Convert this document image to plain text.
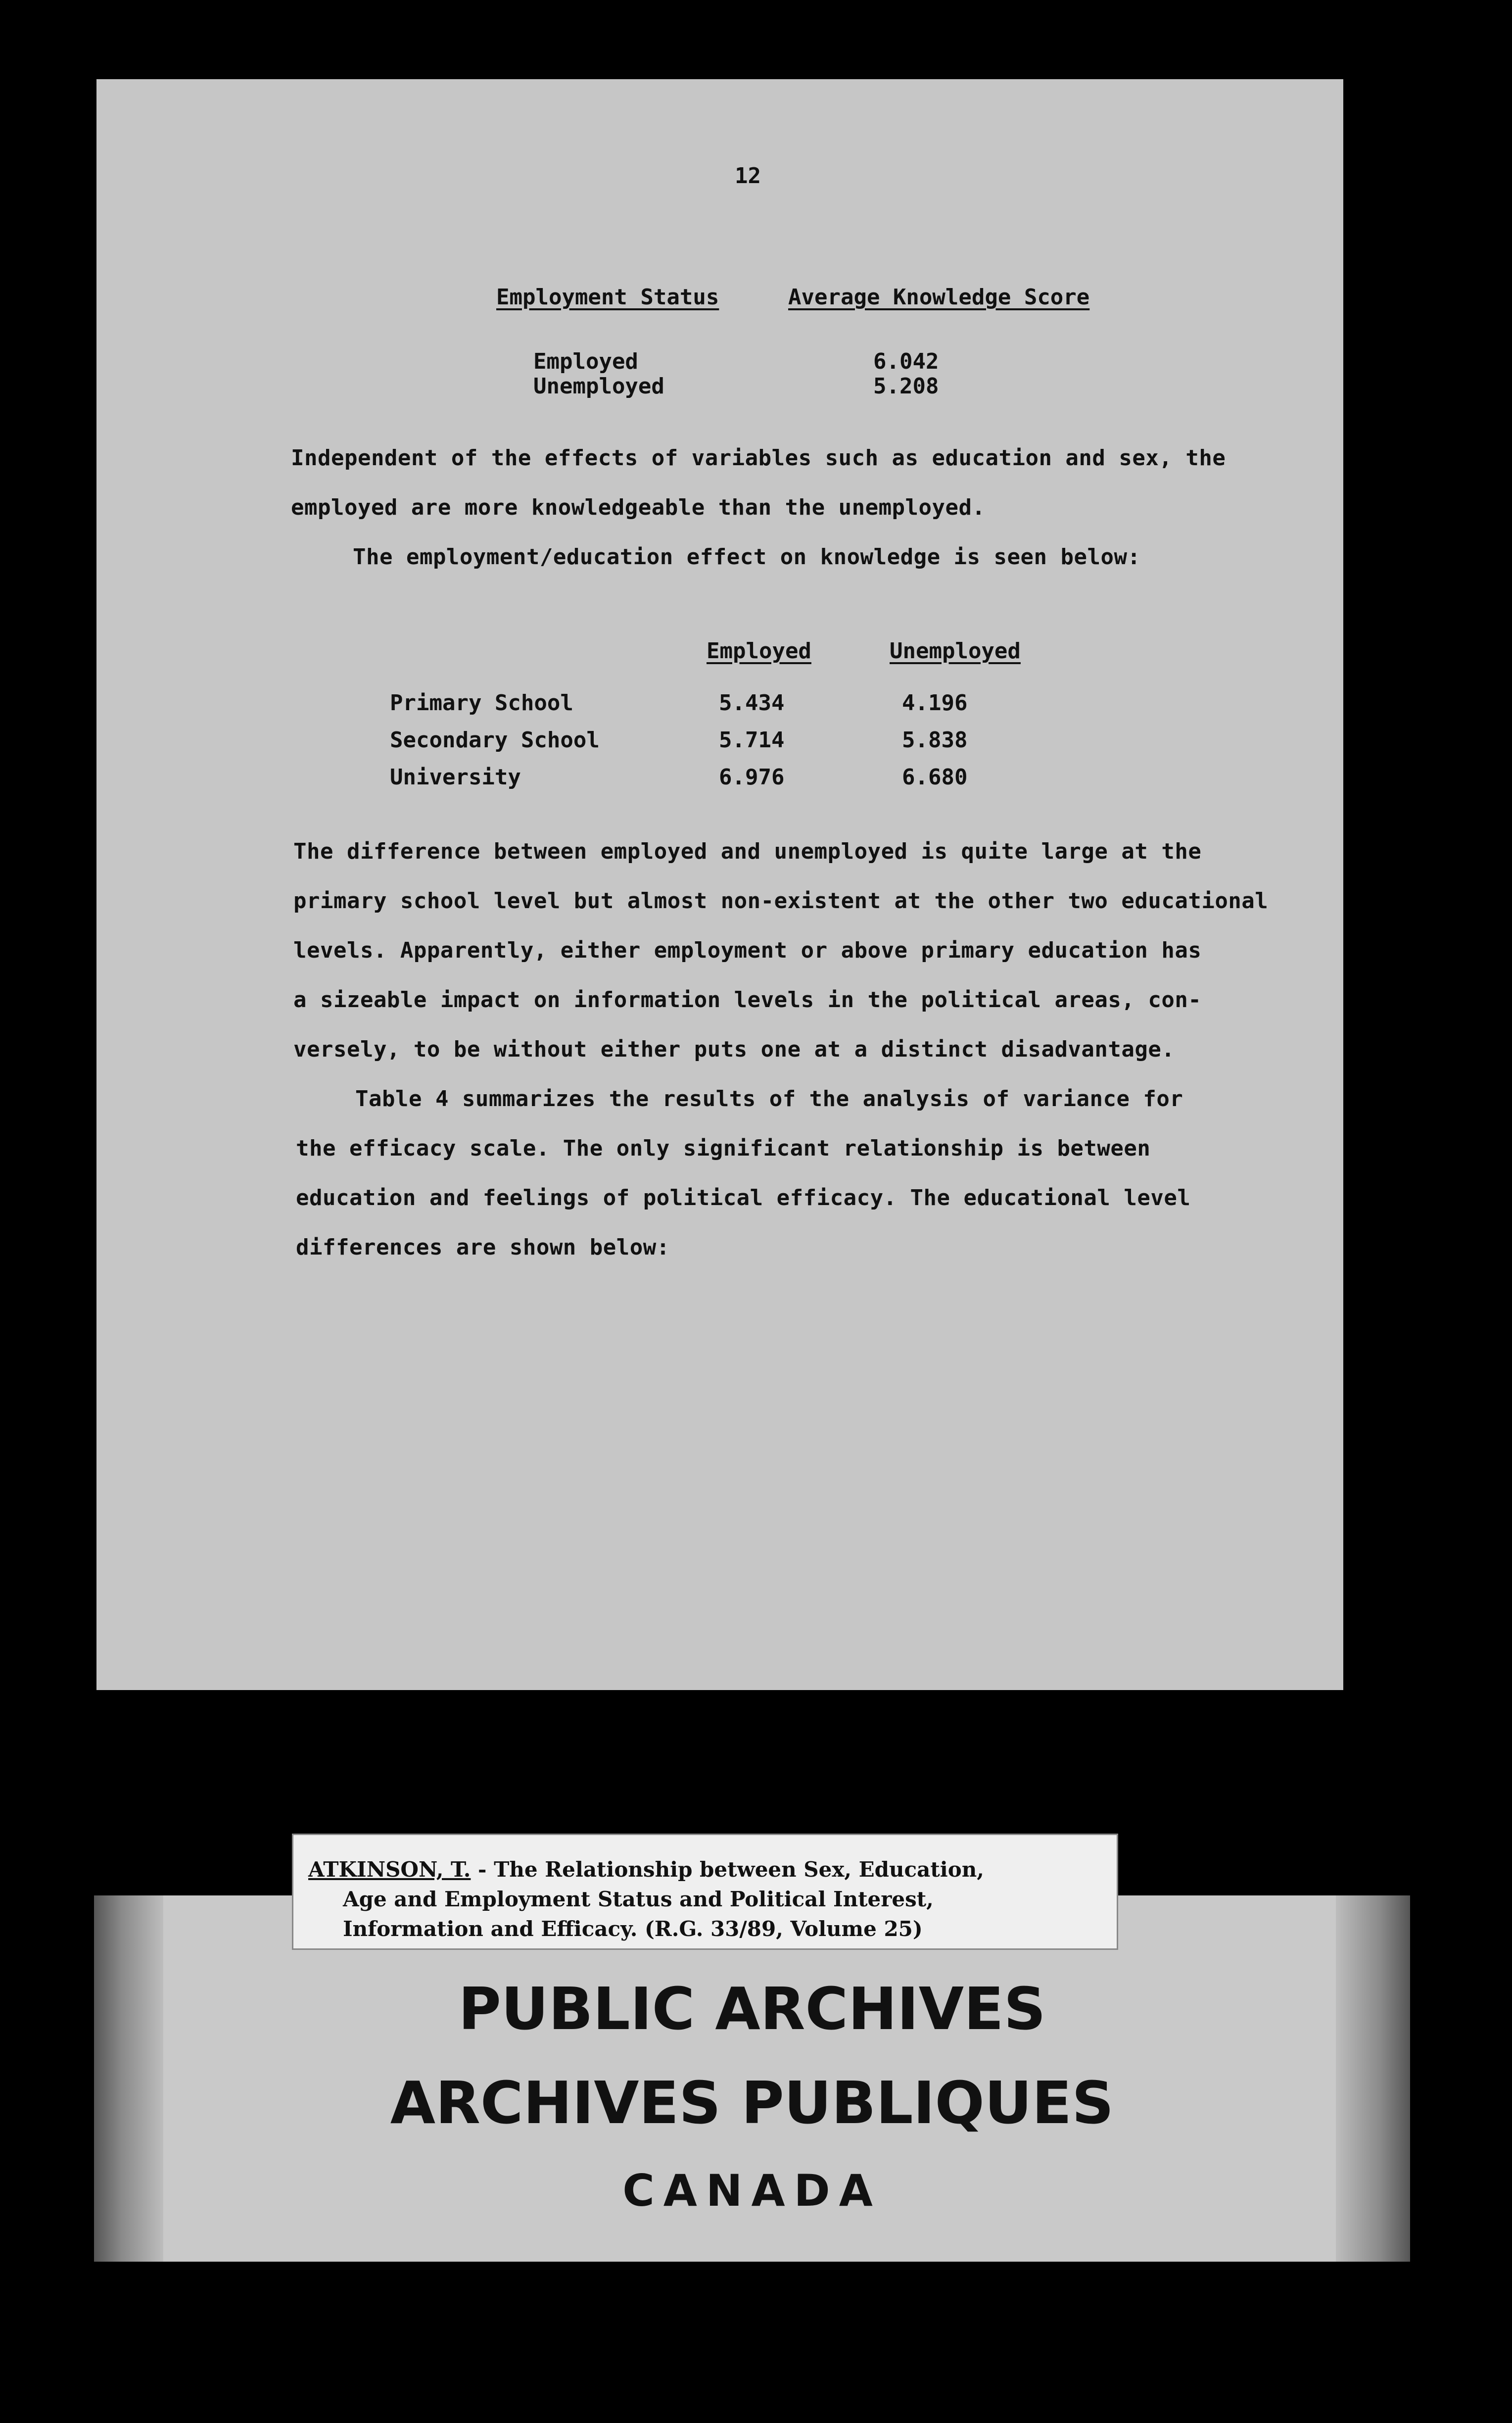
12
Employment Status	Average Knowledge Score
Employed	6.042
Unemployed	5.208
Independent of the effects of variables such as education and sex, the
employed are more knowledgeable than the unemployed.
The employment/education effect on knowledge is seen below:
Employed	Unemployed
Primary School	5.434	4.196
Secondary School	5.714	5.838
University	6.976	6.680
The difference between employed and unemployed is quite large at the
primary school level but almost non-existent at the other two educational
levels. Apparently, either employment or above primary education has
a sizeable impact on information levels in the political areas, con-
versely, to be without either puts one at a distinct disadvantage.
Table 4 summarizes the results of the analysis of variance for
the efficacy scale. The only significant relationship is between
education and feelings of political efficacy. The educational level
differences are shown below:
PUBLIC ARCHIVES
ARCHIVES PUBLIQUES
CANADA
ATKINSON, T. - The Relationship between Sex, Education,
Age and Employment Status and Political Interest,
Information and Efficacy. (R.G. 33/89, Volume 25)
